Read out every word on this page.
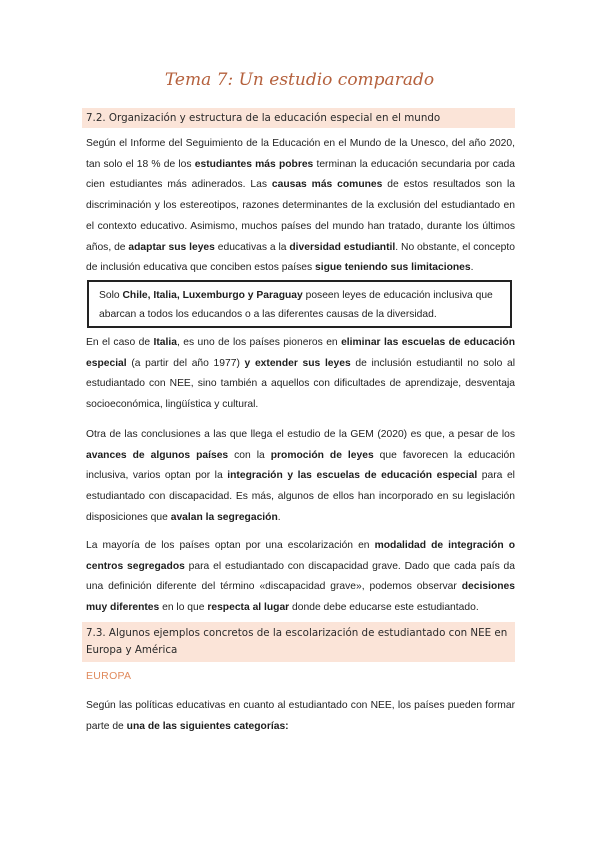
Tema 7: Un estudio comparado
7.2. Organización y estructura de la educación especial en el mundo

Según el Informe del Seguimiento de la Educación en el Mundo de la Unesco, del año 2020, tan solo el 18 % de los estudiantes más pobres terminan la educación secundaria por cada cien estudiantes más adinerados. Las causas más comunes de estos resultados son la discriminación y los estereotipos, razones determinantes de la exclusión del estudiantado en el contexto educativo. Asimismo, muchos países del mundo han tratado, durante los últimos años, de adaptar sus leyes educativas a la diversidad estudiantil. No obstante, el concepto de inclusión educativa que conciben estos países sigue teniendo sus limitaciones.

Solo Chile, Italia, Luxemburgo y Paraguay poseen leyes de educación inclusiva que abarcan a todos los educandos o a las diferentes causas de la diversidad.

En el caso de Italia, es uno de los países pioneros en eliminar las escuelas de educación especial (a partir del año 1977) y extender sus leyes de inclusión estudiantil no solo al estudiantado con NEE, sino también a aquellos con dificultades de aprendizaje, desventaja socioeconómica, lingüística y cultural.

Otra de las conclusiones a las que llega el estudio de la GEM (2020) es que, a pesar de los avances de algunos países con la promoción de leyes que favorecen la educación inclusiva, varios optan por la integración y las escuelas de educación especial para el estudiantado con discapacidad. Es más, algunos de ellos han incorporado en su legislación disposiciones que avalan la segregación.

La mayoría de los países optan por una escolarización en modalidad de integración o centros segregados para el estudiantado con discapacidad grave. Dado que cada país da una definición diferente del término «discapacidad grave», podemos observar decisiones muy diferentes en lo que respecta al lugar donde debe educarse este estudiantado.

7.3. Algunos ejemplos concretos de la escolarización de estudiantado con NEE en Europa y América
EUROPA

Según las políticas educativas en cuanto al estudiantado con NEE, los países pueden formar parte de una de las siguientes categorías:
